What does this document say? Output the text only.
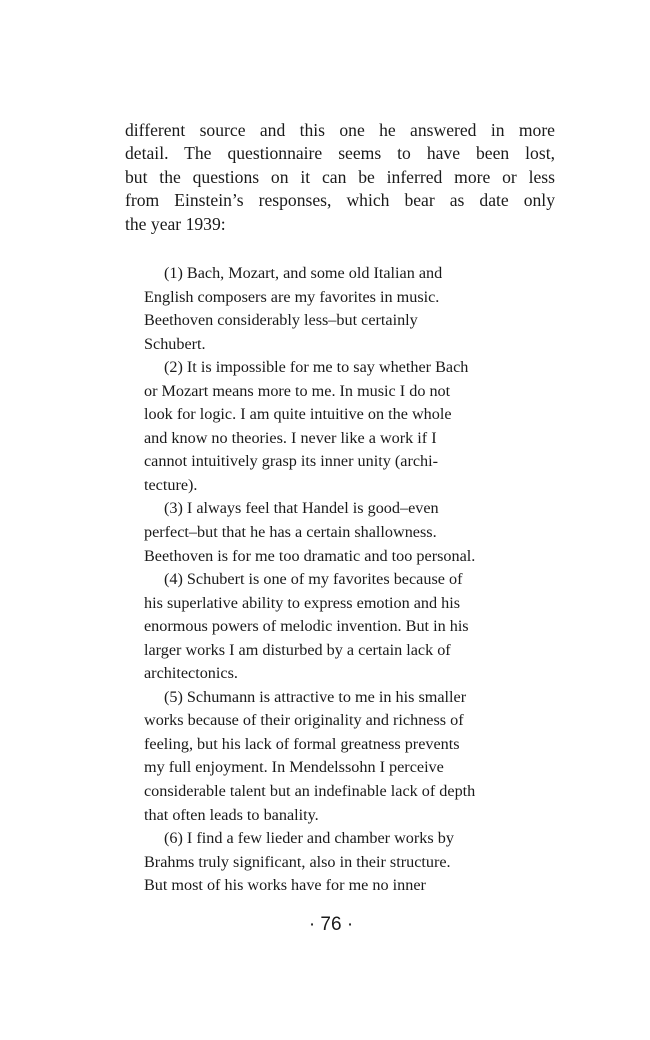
different source and this one he answered in more
detail. The questionnaire seems to have been lost,
but the questions on it can be inferred more or less
from Einstein’s responses, which bear as date only
the year 1939:
(1) Bach, Mozart, and some old Italian and
English composers are my favorites in music.
Beethoven considerably less–but certainly
Schubert.
(2) It is impossible for me to say whether Bach
or Mozart means more to me. In music I do not
look for logic. I am quite intuitive on the whole
and know no theories. I never like a work if I
cannot intuitively grasp its inner unity (archi-
tecture).
(3) I always feel that Handel is good–even
perfect–but that he has a certain shallowness.
Beethoven is for me too dramatic and too personal.
(4) Schubert is one of my favorites because of
his superlative ability to express emotion and his
enormous powers of melodic invention. But in his
larger works I am disturbed by a certain lack of
architectonics.
(5) Schumann is attractive to me in his smaller
works because of their originality and richness of
feeling, but his lack of formal greatness prevents
my full enjoyment. In Mendelssohn I perceive
considerable talent but an indefinable lack of depth
that often leads to banality.
(6) I find a few lieder and chamber works by
Brahms truly significant, also in their structure.
But most of his works have for me no inner
· 76 ·
